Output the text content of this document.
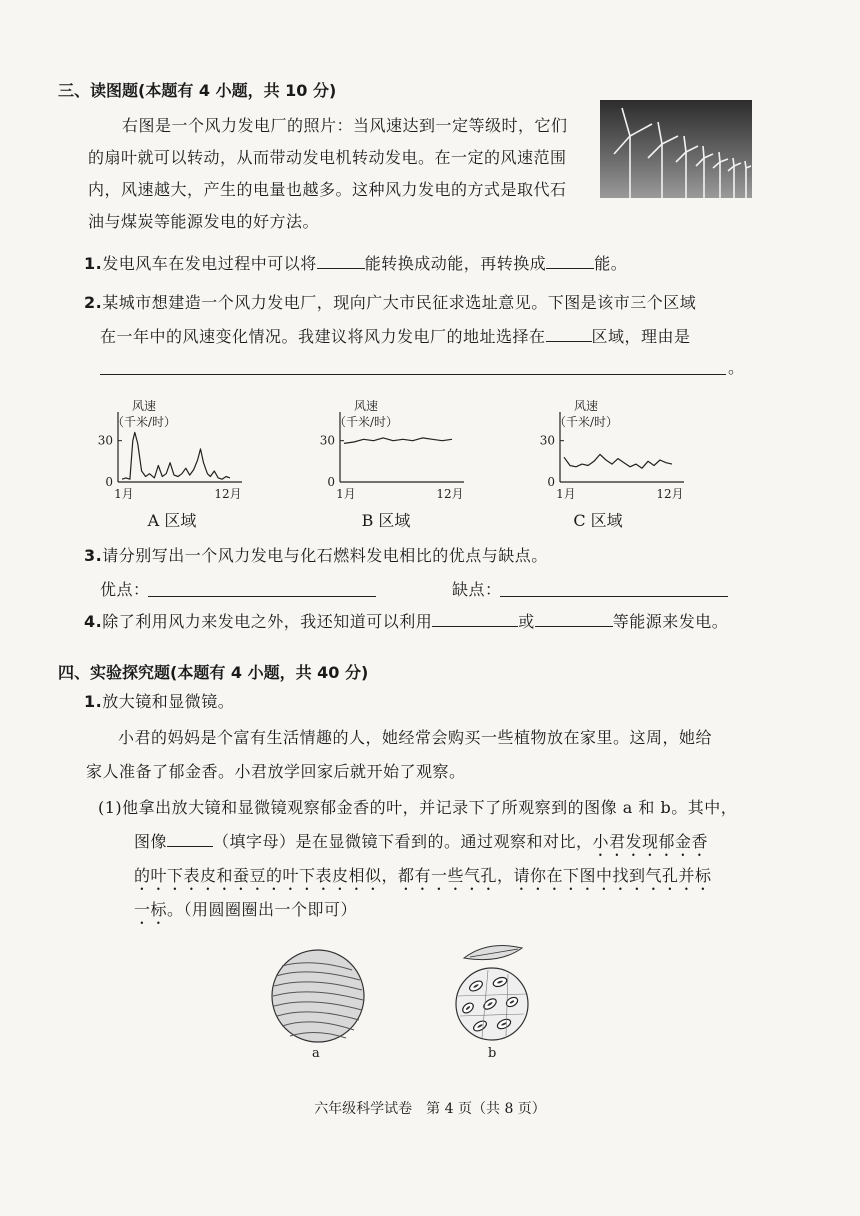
三、读图题(本题有 4 小题，共 10 分)
右图是一个风力发电厂的照片：当风速达到一定等级时，它们
的扇叶就可以转动，从而带动发电机转动发电。在一定的风速范围
内，风速越大，产生的电量也越多。这种风力发电的方式是取代石
油与煤炭等能源发电的好方法。
1.发电风车在发电过程中可以将	能转换成动能，再转换成	能。
2.某城市想建造一个风力发电厂，现向广大市民征求选址意见。下图是该市三个区域
在一年中的风速变化情况。我建议将风力发电厂的地址选择在	区域，理由是
。
风速
（千米/时）
30
0
1月	12月
风速
（千米/时）
30
0
1月	12月
风速
（千米/时）
30
0
1月	12月
A 区域	B 区域	C 区域
3.请分别写出一个风力发电与化石燃料发电相比的优点与缺点。
优点：	缺点：
4.除了利用风力来发电之外，我还知道可以利用	或	等能源来发电。
四、实验探究题(本题有 4 小题，共 40 分)
1.放大镜和显微镜。
小君的妈妈是个富有生活情趣的人，她经常会购买一些植物放在家里。这周，她给
家人准备了郁金香。小君放学回家后就开始了观察。
(1)他拿出放大镜和显微镜观察郁金香的叶，并记录下了所观察到的图像 a 和 b。其中，
图像	（填字母）是在显微镜下看到的。通过观察和对比，小君发现郁金香
的叶下表皮和蚕豆的叶下表皮相似，都有一些气孔，请你在下图中找到气孔并标
一标。（用圆圈圈出一个即可）
a	b
六年级科学试卷　第 4 页（共 8 页）
